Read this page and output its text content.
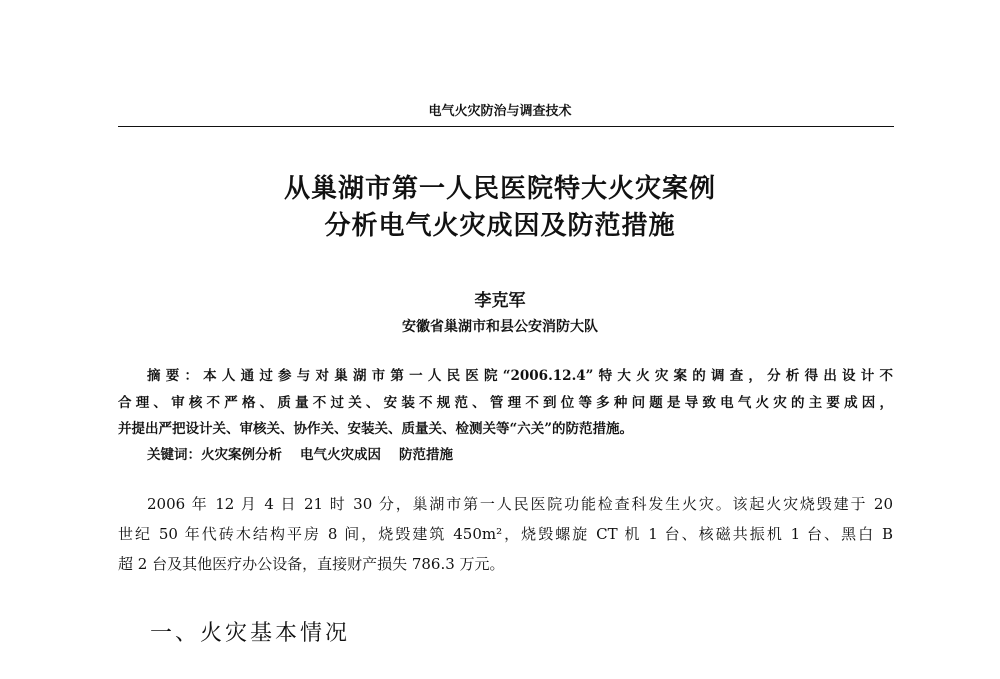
电气火灾防治与调查技术
从巢湖市第一人民医院特大火灾案例
分析电气火灾成因及防范措施
李克军
安徽省巢湖市和县公安消防大队
摘要：本人通过参与对巢湖市第一人民医院“2006.12.4”特大火灾案的调查，分析得出设计不
合理、审核不严格、质量不过关、安装不规范、管理不到位等多种问题是导致电气火灾的主要成因，
并提出严把设计关、审核关、协作关、安装关、质量关、检测关等“六关”的防范措施。
关键词：火灾案例分析 电气火灾成因 防范措施
2006 年 12 月 4 日 21 时 30 分，巢湖市第一人民医院功能检查科发生火灾。该起火灾烧毁建于 20
世纪 50 年代砖木结构平房 8 间，烧毁建筑 450m²，烧毁螺旋 CT 机 1 台、核磁共振机 1 台、黑白 B
超 2 台及其他医疗办公设备，直接财产损失 786.3 万元。
一、火灾基本情况
